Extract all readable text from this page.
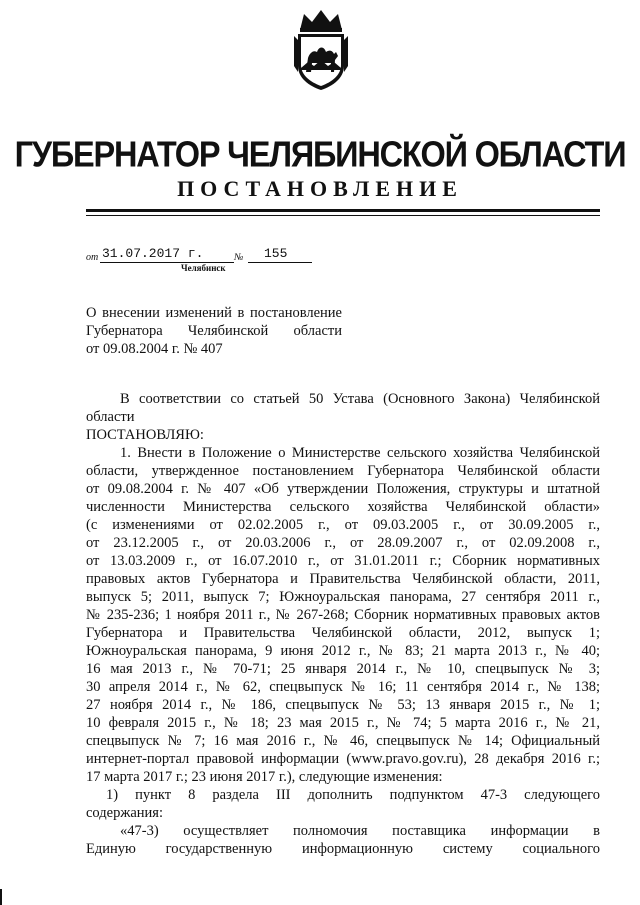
ГУБЕРНАТОР ЧЕЛЯБИНСКОЙ ОБЛАСТИ
ПОСТАНОВЛЕНИЕ
от 31.07.2017 г.	№ 155
Челябинск
О внесении изменений в постановление
Губернатора Челябинской области
от 09.08.2004 г. № 407
В соответствии со статьей 50 Устава (Основного Закона) Челябинской
области
ПОСТАНОВЛЯЮ:
1. Внести в Положение о Министерстве сельского хозяйства Челябинской
области, утвержденное постановлением Губернатора Челябинской области
от 09.08.2004 г. № 407 «Об утверждении Положения, структуры и штатной
численности Министерства сельского хозяйства Челябинской области»
(с изменениями от 02.02.2005 г., от 09.03.2005 г., от 30.09.2005 г.,
от 23.12.2005 г., от 20.03.2006 г., от 28.09.2007 г., от 02.09.2008 г.,
от 13.03.2009 г., от 16.07.2010 г., от 31.01.2011 г.; Сборник нормативных
правовых актов Губернатора и Правительства Челябинской области, 2011,
выпуск 5; 2011, выпуск 7; Южноуральская панорама, 27 сентября 2011 г.,
№ 235-236; 1 ноября 2011 г., № 267-268; Сборник нормативных правовых актов
Губернатора и Правительства Челябинской области, 2012, выпуск 1;
Южноуральская панорама, 9 июня 2012 г., № 83; 21 марта 2013 г., № 40;
16 мая 2013 г., № 70-71; 25 января 2014 г., № 10, спецвыпуск № 3;
30 апреля 2014 г., № 62, спецвыпуск № 16; 11 сентября 2014 г., № 138;
27 ноября 2014 г., № 186, спецвыпуск № 53; 13 января 2015 г., № 1;
10 февраля 2015 г., № 18; 23 мая 2015 г., № 74; 5 марта 2016 г., № 21,
спецвыпуск № 7; 16 мая 2016 г., № 46, спецвыпуск № 14; Официальный
интернет-портал правовой информации (www.pravo.gov.ru), 28 декабря 2016 г.;
17 марта 2017 г.; 23 июня 2017 г.), следующие изменения:
1) пункт 8 раздела III дополнить подпунктом 47-3 следующего
содержания:
«47-3) осуществляет полномочия поставщика информации в
Единую государственную информационную систему социального
